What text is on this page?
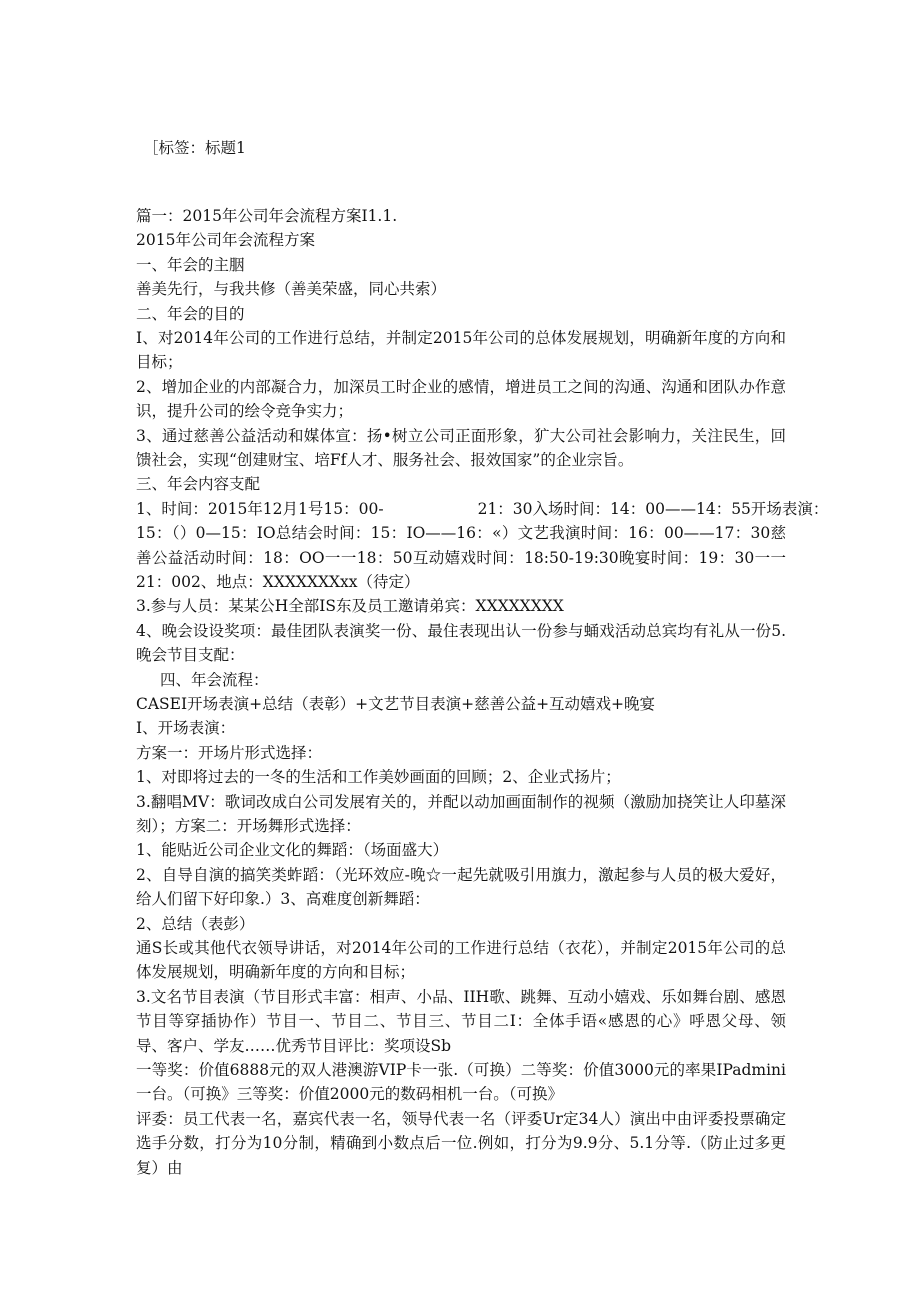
［标签：标题1
篇一：2015年公司年会流程方案I1.1.
2015年公司年会流程方案
一、年会的主胭
善美先行，与我共修（善美荣盛，同心共索）
二、年会的目的
I、对2014年公司的工作进行总结，并制定2015年公司的总体发展规划，明确新年度的方向和目标；
2、增加企业的内部凝合力，加深员工时企业的感情，增进员工之间的沟通、沟通和团队办作意识，提升公司的绘令竞争实力；
3、通过慈善公益活动和媒体宣：扬•树立公司正面形象，犷大公司社会影响力，关注民生，回馈社会，实现“创建财宝、培Ff人才、服务社会、报效国家”的企业宗旨。
三、年会内容支配
1、时间：2015年12月1号15：00-	21：30入场时间：14：00——14：55开场表演：
15：（）0—15：IO总结会时间：15：IO——16：«）文艺我演时间：16：00——17：30慈善公益活动时间：18：OO一一18：50互动嬉戏时间：18:50-19:30晚宴时间：19：30一一21：002、地点：XXXXXXXxx（待定）
3.参与人员：某某公H全部IS东及员工邀请弟宾：XXXXXXXX
4、晚会设设奖项：最佳团队表演奖一份、最住表现出认一份参与蛹戏活动总宾均有礼从一份5.晚会节目支配：
四、年会流程：
CASEI开场表演+总结（表彰）+文艺节目表演+慈善公益+互动嬉戏+晚宴
I、开场表演：
方案一：开场片形式选择：
1、对即将过去的一冬的生活和工作美妙画面的回顾；2、企业式扬片；
3.翻唱MV：歌词改成白公司发展宥关的，并配以动加画面制作的视频（激励加挠笑让人印墓深刻）；方案二：开场舞形式选择：
1、能贴近公司企业文化的舞蹈：（场面盛大）
2、自导自演的搞笑类蚱蹈：（光环效应-晚☆一起先就吸引用旗力，激起参与人员的极大爱好，给人们留下好印象.）3、高难度创新舞蹈：
2、总结（表彭）
通S长或其他代衣领导讲话，对2014年公司的工作进行总结（衣花），并制定2015年公司的总体发展规划，明确新年度的方向和目标；
3.文名节目表演（节目形式丰富：相声、小品、IIH歌、跳舞、互动小嬉戏、乐如舞台剧、感恩节目等穿插协作）节目一、节目二、节目三、节目二I：全体手语«感恩的心》呼恩父母、领导、客户、学友……优秀节目评比：奖项设Sb
一等奖：价值6888元的双人港澳游VIP卡一张.（可换）二等奖：价值3000元的率果IPadmini一台。（可换》三等奖：价值2000元的数码相机一台。（可换》
评委：员工代表一名，嘉宾代表一名，领导代表一名（评委Ur定34人）演出中由评委投票确定选手分数，打分为10分制，精确到小数点后一位.例如，打分为9.9分、5.1分等.（防止过多更复）由
